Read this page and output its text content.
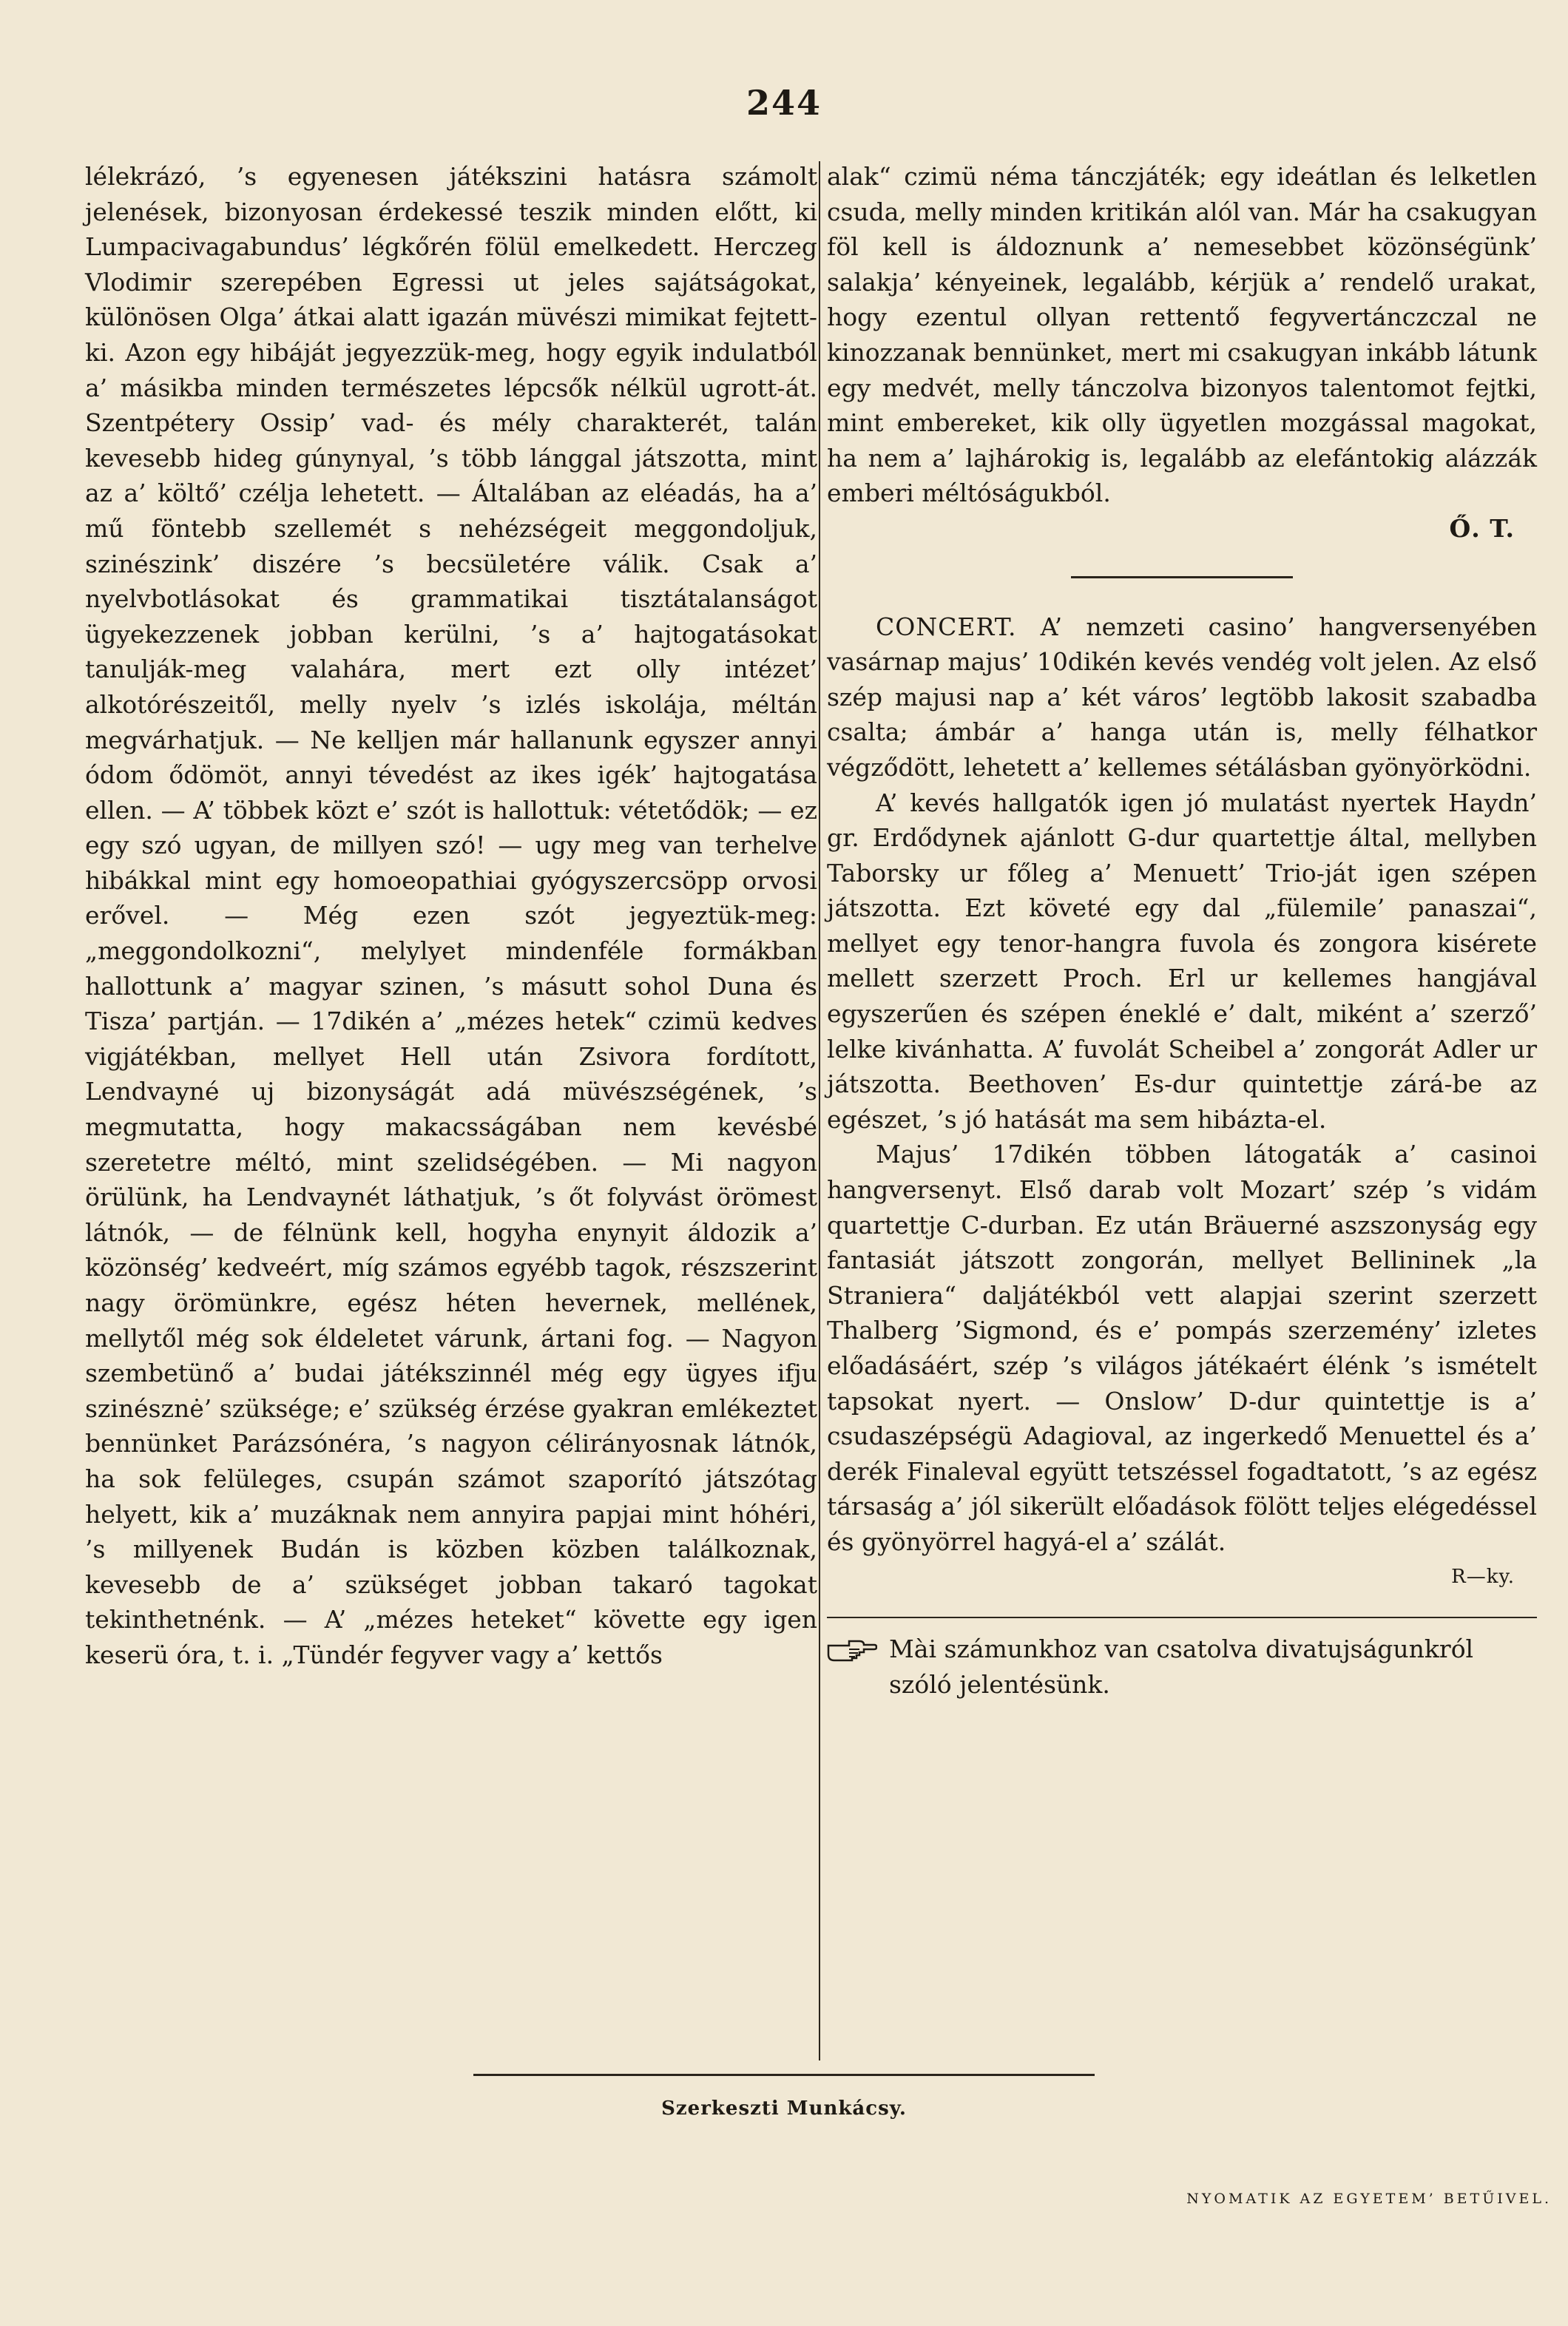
244

lélekrázó, ’s egyenesen játékszini hatásra számolt jelenések, bizonyosan érdekessé teszik minden előtt, ki Lumpacivagabundus’ légkőrén fölül emelkedett. Herczeg Vlodimir szerepében Egressi ut jeles sajátságokat, különösen Olga’ átkai alatt igazán müvészi mimikat fejtett-ki. Azon egy hibáját jegyezzük-meg, hogy egyik indulatból a’ másikba minden természetes lépcsők nélkül ugrott-át. Szentpétery Ossip’ vad- és mély charakterét, talán kevesebb hideg gúnynyal, ’s több lánggal játszotta, mint az a’ költő’ czélja lehetett. — Általában az eléadás, ha a’ mű föntebb szellemét s nehézségeit meggondoljuk, szinészink’ diszére ’s becsületére válik. Csak a’ nyelvbotlásokat és grammatikai tisztátalanságot ügyekezzenek jobban kerülni, ’s a’ hajtogatásokat tanulják-meg valahára, mert ezt olly intézet’ alkotórészeitől, melly nyelv ’s izlés iskolája, méltán megvárhatjuk. — Ne kelljen már hallanunk egyszer annyi ódom ődömöt, annyi tévedést az ikes igék’ hajtogatása ellen. — A’ többek közt e’ szót is hallottuk: vétetődök; — ez egy szó ugyan, de millyen szó! — ugy meg van terhelve hibákkal mint egy homoeopathiai gyógyszercsöpp orvosi erővel. — Még ezen szót jegyeztük-meg: „meggondolkozni“, melylyet mindenféle formákban hallottunk a’ magyar szinen, ’s másutt sohol Duna és Tisza’ partján. — 17dikén a’ „mézes hetek“ czimü kedves vigjátékban, mellyet Hell után Zsivora fordított, Lendvayné uj bizonyságát adá müvészségének, ’s megmutatta, hogy makacsságában nem kevésbé szeretetre méltó, mint szelidségében. — Mi nagyon örülünk, ha Lendvaynét láthatjuk, ’s őt folyvást örömest látnók, — de félnünk kell, hogyha enynyit áldozik a’ közönség’ kedveért, míg számos egyébb tagok, részszerint nagy örömünkre, egész héten hevernek, mellének, mellytől még sok éldeletet várunk, ártani fog. — Nagyon szembetünő a’ budai játékszinnél még egy ügyes ifju szinésznė’ szüksége; e’ szükség érzése gyakran emlékeztet bennünket Parázsónéra, ’s nagyon célirányosnak látnók, ha sok felüleges, csupán számot szaporító játszótag helyett, kik a’ muzáknak nem annyira papjai mint hóhéri, ’s millyenek Budán is közben közben találkoznak, kevesebb de a’ szükséget jobban takaró tagokat tekinthetnénk. — A’ „mézes heteket“ követte egy igen keserü óra, t. i. „Tündér fegyver vagy a’ kettős

alak“ czimü néma tánczjáték; egy ideátlan és lelketlen csuda, melly minden kritikán alól van. Már ha csakugyan föl kell is áldoznunk a’ nemesebbet közönségünk’ salakja’ kényeinek, legalább, kérjük a’ rendelő urakat, hogy ezentul ollyan rettentő fegyvertánczczal ne kinozzanak bennünket, mert mi csakugyan inkább látunk egy medvét, melly tánczolva bizonyos talentomot fejtki, mint embereket, kik olly ügyetlen mozgással magokat, ha nem a’ lajhárokig is, legalább az elefántokig alázzák emberi méltóságukból.

Ő. T.

CONCERT. A’ nemzeti casino’ hangversenyében vasárnap majus’ 10dikén kevés vendég volt jelen. Az első szép majusi nap a’ két város’ legtöbb lakosit szabadba csalta; ámbár a’ hanga után is, melly félhatkor végződött, lehetett a’ kellemes sétálásban gyönyörködni.

A’ kevés hallgatók igen jó mulatást nyertek Haydn’ gr. Erdődynek ajánlott G-dur quartettje által, mellyben Taborsky ur főleg a’ Menuett’ Trio-ját igen szépen játszotta. Ezt követé egy dal „fülemile’ panaszai“, mellyet egy tenor-hangra fuvola és zongora kisérete mellett szerzett Proch. Erl ur kellemes hangjával egyszerűen és szépen éneklé e’ dalt, miként a’ szerző’ lelke kivánhatta. A’ fuvolát Scheibel a’ zongorát Adler ur játszotta. Beethoven’ Es-dur quintettje zárá-be az egészet, ’s jó hatását ma sem hibázta-el.

Majus’ 17dikén többen látogaták a’ casinoi hangversenyt. Első darab volt Mozart’ szép ’s vidám quartettje C-durban. Ez után Bräuerné aszszonyság egy fantasiát játszott zongorán, mellyet Bellininek „la Straniera“ daljátékból vett alapjai szerint szerzett Thalberg ’Sigmond, és e’ pompás szerzemény’ izletes előadásáért, szép ’s világos játékaért élénk ’s ismételt tapsokat nyert. — Onslow’ D-dur quintettje is a’ csudaszépségü Adagioval, az ingerkedő Menuettel és a’ derék Finaleval együtt tetszéssel fogadtatott, ’s az egész társaság a’ jól sikerült előadások fölött teljes elégedéssel és gyönyörrel hagyá-el a’ szálát.

R—ky.

Mài számunkhoz van csatolva divatujságunkról szóló jelentésünk.
Szerkeszti Munkácsy.
NYOMATIK AZ EGYETEM’ BETŰIVEL.
